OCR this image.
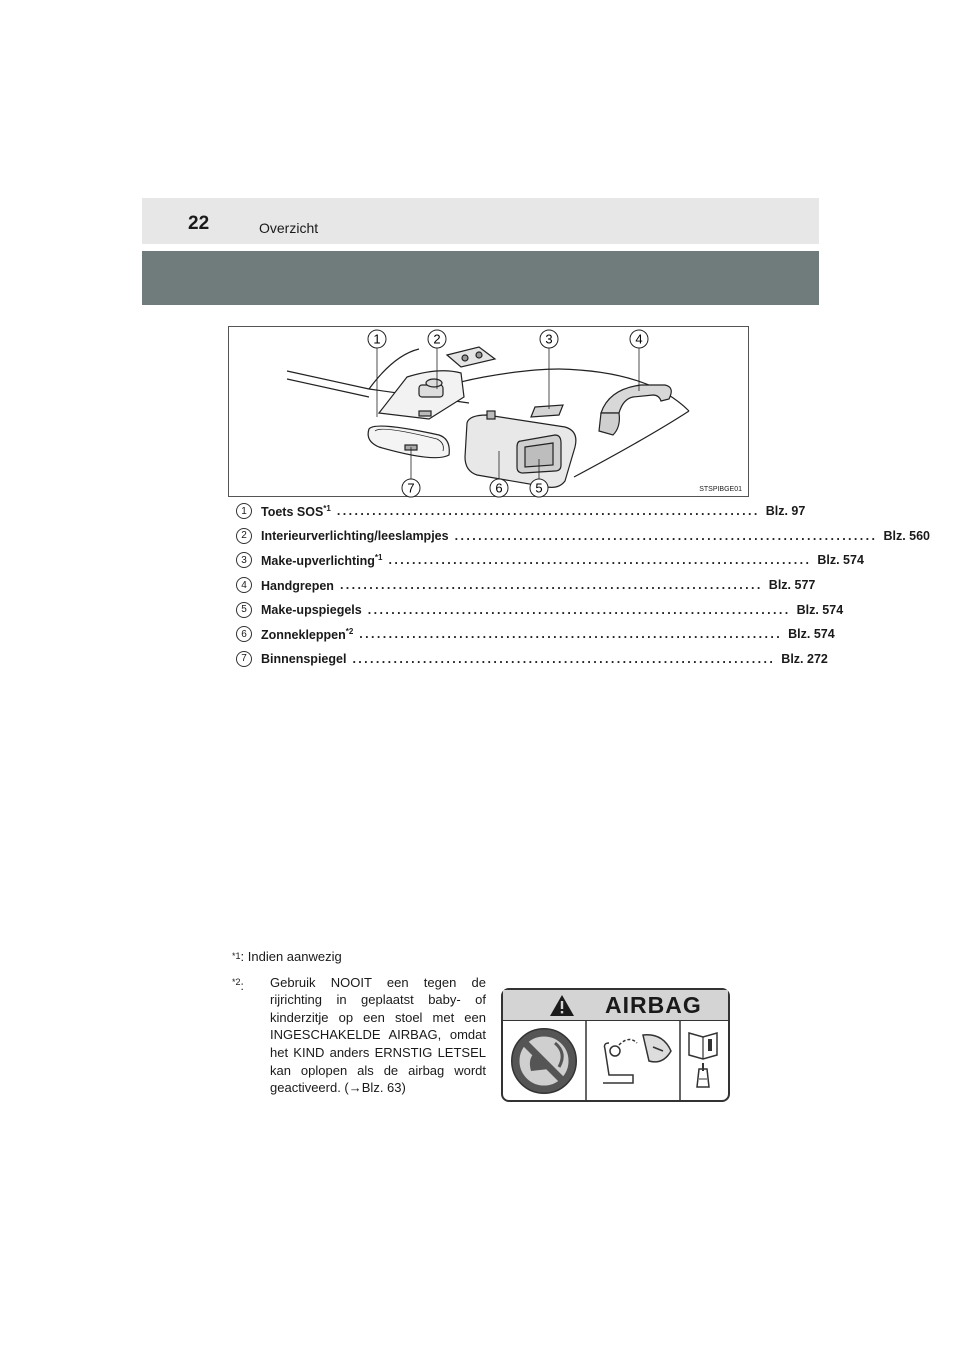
22	Overzicht
STSPIBGE01
1	2	3	4
5
6
7
1	Toets SOS$^{*1}$ ........................................................................ Blz. 97
2	Interieurverlichting/leeslampjes ........................................................................ Blz. 560
3	Make-upverlichting$^{*1}$ ........................................................................ Blz. 574
4	Handgrepen ........................................................................ Blz. 577
5	Make-upspiegels ........................................................................ Blz. 574
6	Zonnekleppen$^{*2}$ ........................................................................ Blz. 574
7	Binnenspiegel ........................................................................ Blz. 272
$^{*1}$ : Indien aanwezig
$^{*2}$:	Gebruik NOOIT een tegen de rijrichting in geplaatst baby- of kinderzitje op een stoel met een INGESCHAKELDE AIRBAG, omdat het KIND anders ERNSTIG LETSEL kan oplopen als de airbag wordt geactiveerd. (→Blz. 63)
AIRBAG
